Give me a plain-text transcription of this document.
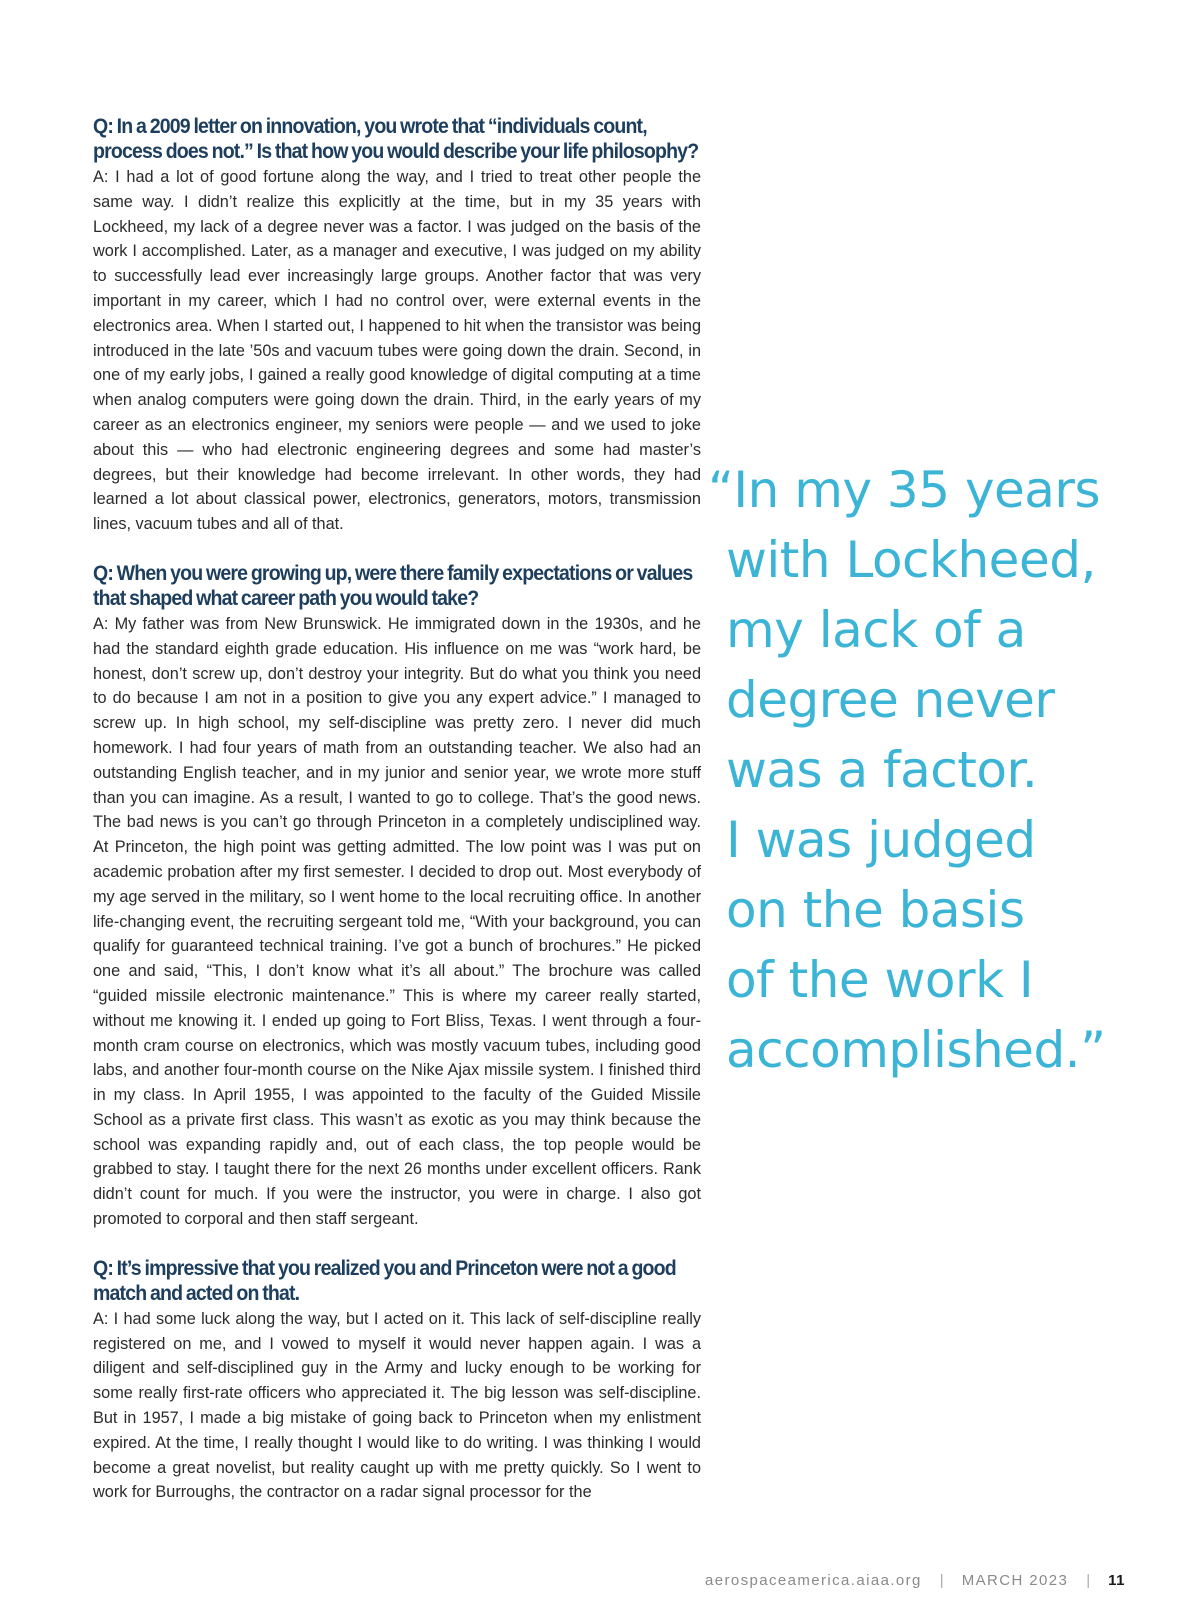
Q: In a 2009 letter on innovation, you wrote that “individuals count, process does not.” Is that how you would describe your life philosophy?

A: I had a lot of good fortune along the way, and I tried to treat other people the same way. I didn’t realize this explicitly at the time, but in my 35 years with Lockheed, my lack of a degree never was a factor. I was judged on the basis of the work I accomplished. Later, as a manager and executive, I was judged on my ability to successfully lead ever increasingly large groups. Another factor that was very important in my career, which I had no control over, were external events in the electronics area. When I started out, I happened to hit when the transistor was being introduced in the late ’50s and vacuum tubes were going down the drain. Second, in one of my early jobs, I gained a really good knowledge of digital computing at a time when analog computers were going down the drain. Third, in the early years of my career as an electronics engineer, my seniors were people — and we used to joke about this — who had electronic engineering degrees and some had master’s degrees, but their knowledge had become irrelevant. In other words, they had learned a lot about classical power, electronics, generators, motors, transmission lines, vacuum tubes and all of that.

Q: When you were growing up, were there family expectations or values that shaped what career path you would take?

A: My father was from New Brunswick. He immigrated down in the 1930s, and he had the standard eighth grade education. His influence on me was “work hard, be honest, don’t screw up, don’t destroy your integrity. But do what you think you need to do because I am not in a position to give you any expert advice.” I managed to screw up. In high school, my self-discipline was pretty zero. I never did much homework. I had four years of math from an outstanding teacher. We also had an outstanding English teacher, and in my junior and senior year, we wrote more stuff than you can imagine. As a result, I wanted to go to college. That’s the good news. The bad news is you can’t go through Princeton in a completely undisciplined way. At Princeton, the high point was getting admitted. The low point was I was put on academic probation after my first semester. I decided to drop out. Most everybody of my age served in the military, so I went home to the local recruiting office. In another life-changing event, the recruiting sergeant told me, “With your background, you can qualify for guaranteed technical training. I’ve got a bunch of brochures.” He picked one and said, “This, I don’t know what it’s all about.” The brochure was called “guided missile electronic maintenance.” This is where my career really started, without me knowing it. I ended up going to Fort Bliss, Texas. I went through a four-month cram course on electronics, which was mostly vacuum tubes, including good labs, and another four-month course on the Nike Ajax missile system. I finished third in my class. In April 1955, I was appointed to the faculty of the Guided Missile School as a private first class. This wasn’t as exotic as you may think because the school was expanding rapidly and, out of each class, the top people would be grabbed to stay. I taught there for the next 26 months under excellent officers. Rank didn’t count for much. If you were the instructor, you were in charge. I also got promoted to corporal and then staff sergeant.

Q: It’s impressive that you realized you and Princeton were not a good match and acted on that.

A: I had some luck along the way, but I acted on it. This lack of self-discipline really registered on me, and I vowed to myself it would never happen again. I was a diligent and self-disciplined guy in the Army and lucky enough to be working for some really first-rate officers who appreciated it. The big lesson was self-discipline. But in 1957, I made a big mistake of going back to Princeton when my enlistment expired. At the time, I really thought I would like to do writing. I was thinking I would become a great novelist, but reality caught up with me pretty quickly. So I went to work for Burroughs, the contractor on a radar signal processor for the

“In my 35 years
with Lockheed,
my lack of a
degree never
was a factor.
I was judged
on the basis
of the work I
accomplished.”
aerospaceamerica.aiaa.org | MARCH 2023 | 11
